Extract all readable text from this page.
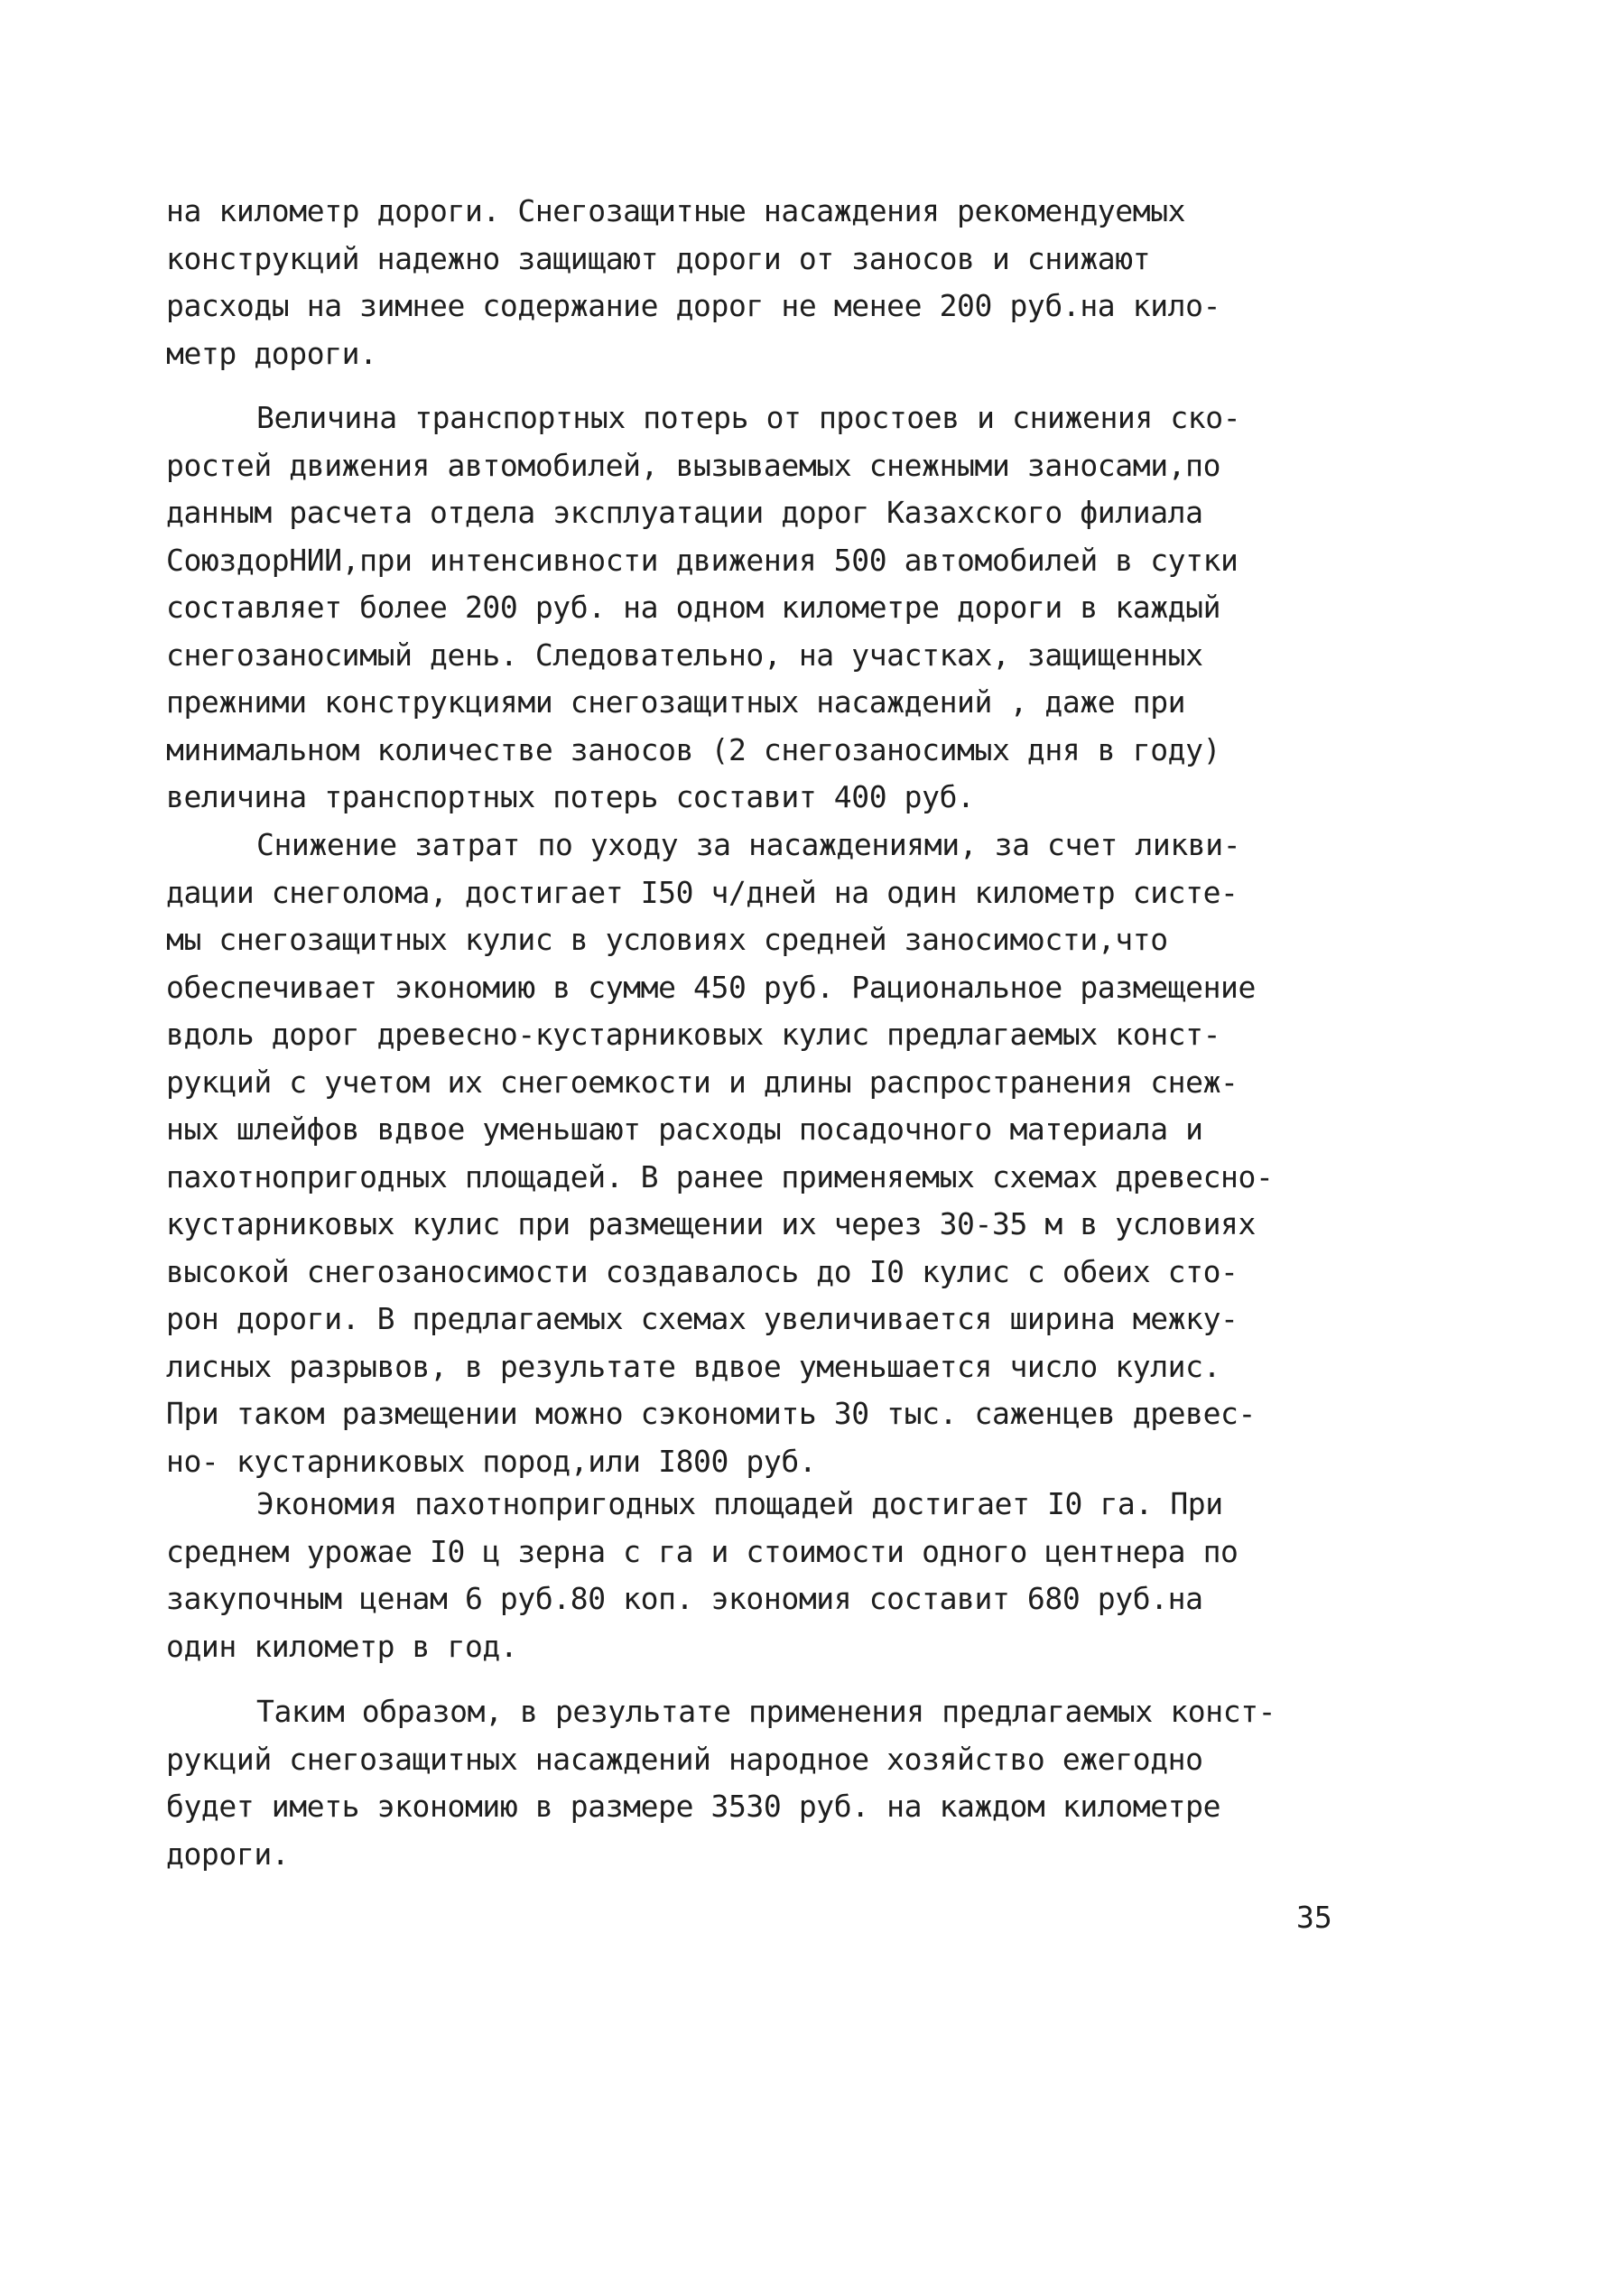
на километр дороги. Снегозащитные насаждения рекомендуемых
конструкций надежно защищают дороги от заносов и снижают
расходы на зимнее содержание дорог не менее 200 руб.на кило-
метр дороги.
Величина транспортных потерь от простоев и снижения ско-
ростей движения автомобилей, вызываемых снежными заносами,по
данным расчета отдела эксплуатации дорог Казахского филиала
СоюздорНИИ,при интенсивности движения 500 автомобилей в сутки
составляет более 200 руб. на одном километре дороги в каждый
снегозаносимый день. Следовательно, на участках, защищенных
прежними конструкциями снегозащитных насаждений , даже при
минимальном количестве заносов (2 снегозаносимых дня в году)
величина транспортных потерь составит 400 руб.
Снижение затрат по уходу за насаждениями, за счет ликви-
дации снеголома, достигает I50 ч/дней на один километр систе-
мы снегозащитных кулис в условиях средней заносимости,что
обеспечивает экономию в сумме 450 руб. Рациональное размещение
вдоль дорог древесно-кустарниковых кулис предлагаемых конст-
рукций с учетом их снегоемкости и длины распространения снеж-
ных шлейфов вдвое уменьшают расходы посадочного материала и
пахотнопригодных площадей. В ранее применяемых схемах древесно-
кустарниковых кулис при размещении их через 30-35 м в условиях
высокой снегозаносимости создавалось до I0 кулис с обеих сто-
рон дороги. В предлагаемых схемах увеличивается ширина межку-
лисных разрывов, в результате вдвое уменьшается число кулис.
При таком размещении можно сэкономить 30 тыс. саженцев древес-
но- кустарниковых пород,или I800 руб.
Экономия пахотнопригодных площадей достигает I0 га. При
среднем урожае I0 ц зерна с га и стоимости одного центнера по
закупочным ценам 6 руб.80 коп. экономия составит 680 руб.на
один километр в год.
Таким образом, в результате применения предлагаемых конст-
рукций снегозащитных насаждений народное хозяйство ежегодно
будет иметь экономию в размере 3530 руб. на каждом километре
дороги.
35
